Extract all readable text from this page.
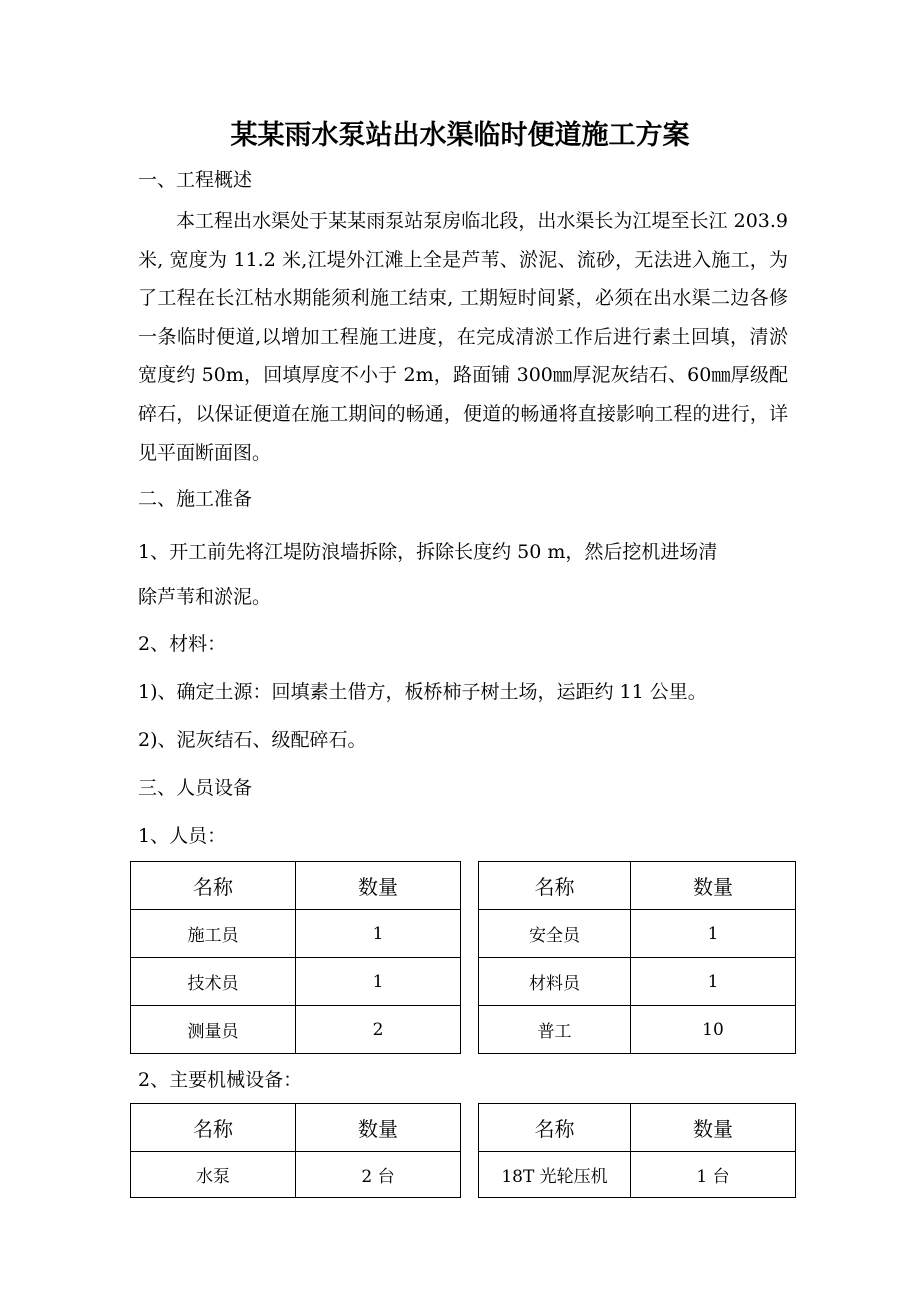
某某雨水泵站出水渠临时便道施工方案

一、工程概述

本工程出水渠处于某某雨泵站泵房临北段，出水渠长为江堤至长江 203.9 米, 宽度为 11.2 米,江堤外江滩上全是芦苇、淤泥、流砂，无法进入施工，为了工程在长江枯水期能须利施工结束, 工期短时间紧，必须在出水渠二边各修一条临时便道,以增加工程施工进度，在完成清淤工作后进行素土回填，清淤宽度约 50m，回填厚度不小于 2m，路面铺 300㎜厚泥灰结石、60㎜厚级配碎石，以保证便道在施工期间的畅通，便道的畅通将直接影响工程的进行，详见平面断面图。

二、施工准备

1、开工前先将江堤防浪墙拆除，拆除长度约 50 m，然后挖机进场清

除芦苇和淤泥。

2、材料：

1)、确定土源：回填素土借方，板桥柿子树土场，运距约 11 公里。

2)、泥灰结石、级配碎石。

三、人员设备

1、人员：

名称	数量		名称	数量
施工员	1		安全员	1
技术员	1		材料员	1
测量员	2		普工	10

2、主要机械设备：

名称	数量		名称	数量
水泵	2 台		18T 光轮压机	1 台
